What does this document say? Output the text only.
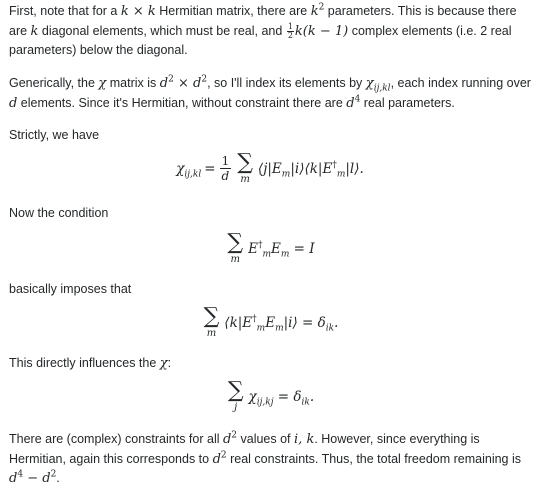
First, note that for a k × k Hermitian matrix, there are $k^2$ parameters. This is because there are k diagonal elements, which must be real, and $\frac{1}{2} k(k - 1)$ complex elements (i.e. 2 real parameters) below the diagonal.

Generically, the χ matrix is $d^2 \times d^2$, so I'll index its elements by $\chi_{ij,kl}$, each index running over d elements. Since it's Hermitian, without constraint there are $d^4$ real parameters.

Strictly, we have

$\chi_{ij,kl} = \frac{1}{d}$ ∑
m
$⟨j|E_m|i⟩⟨k|E^\dagger_m|l⟩$.

Now the condition

∑
m
$E^\dagger_mE_m = I$

basically imposes that

∑
m
$⟨k|E^\dagger_mE_m|i⟩ = \delta_{ik}$.

This directly influences the χ:

∑
j
$\chi_{ij,kj} = \delta_{ik}$.

There are (complex) constraints for all $d^2$ values of i, k. However, since everything is Hermitian, again this corresponds to $d^2$ real constraints. Thus, the total freedom remaining is $d^4 - d^2$.
